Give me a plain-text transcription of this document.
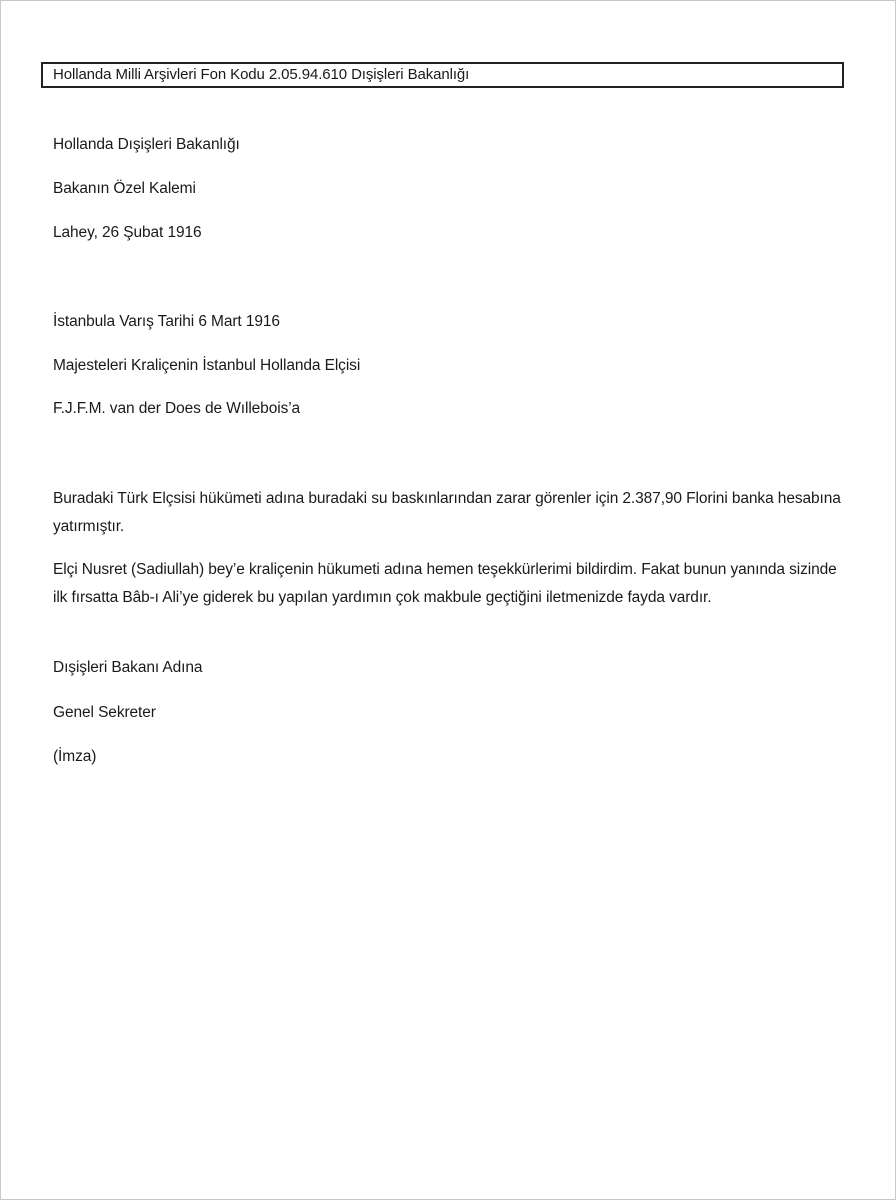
Hollanda Milli Arşivleri Fon Kodu 2.05.94.610 Dışişleri Bakanlığı
Hollanda Dışişleri Bakanlığı
Bakanın Özel Kalemi
Lahey, 26 Şubat 1916
İstanbula Varış Tarihi 6 Mart 1916
Majesteleri Kraliçenin İstanbul Hollanda Elçisi
F.J.F.M. van der Does de Wıllebois’a
Buradaki Türk Elçsisi hükümeti adına buradaki su baskınlarından zarar görenler için 2.387,90 Florini banka hesabına yatırmıştır.
Elçi Nusret (Sadiullah) bey’e kraliçenin hükumeti adına hemen teşekkürlerimi bildirdim. Fakat bunun yanında sizinde ilk fırsatta Bâb-ı Ali’ye giderek bu yapılan yardımın çok makbule geçtiğini iletmenizde fayda vardır.
Dışişleri Bakanı Adına
Genel Sekreter
(İmza)
